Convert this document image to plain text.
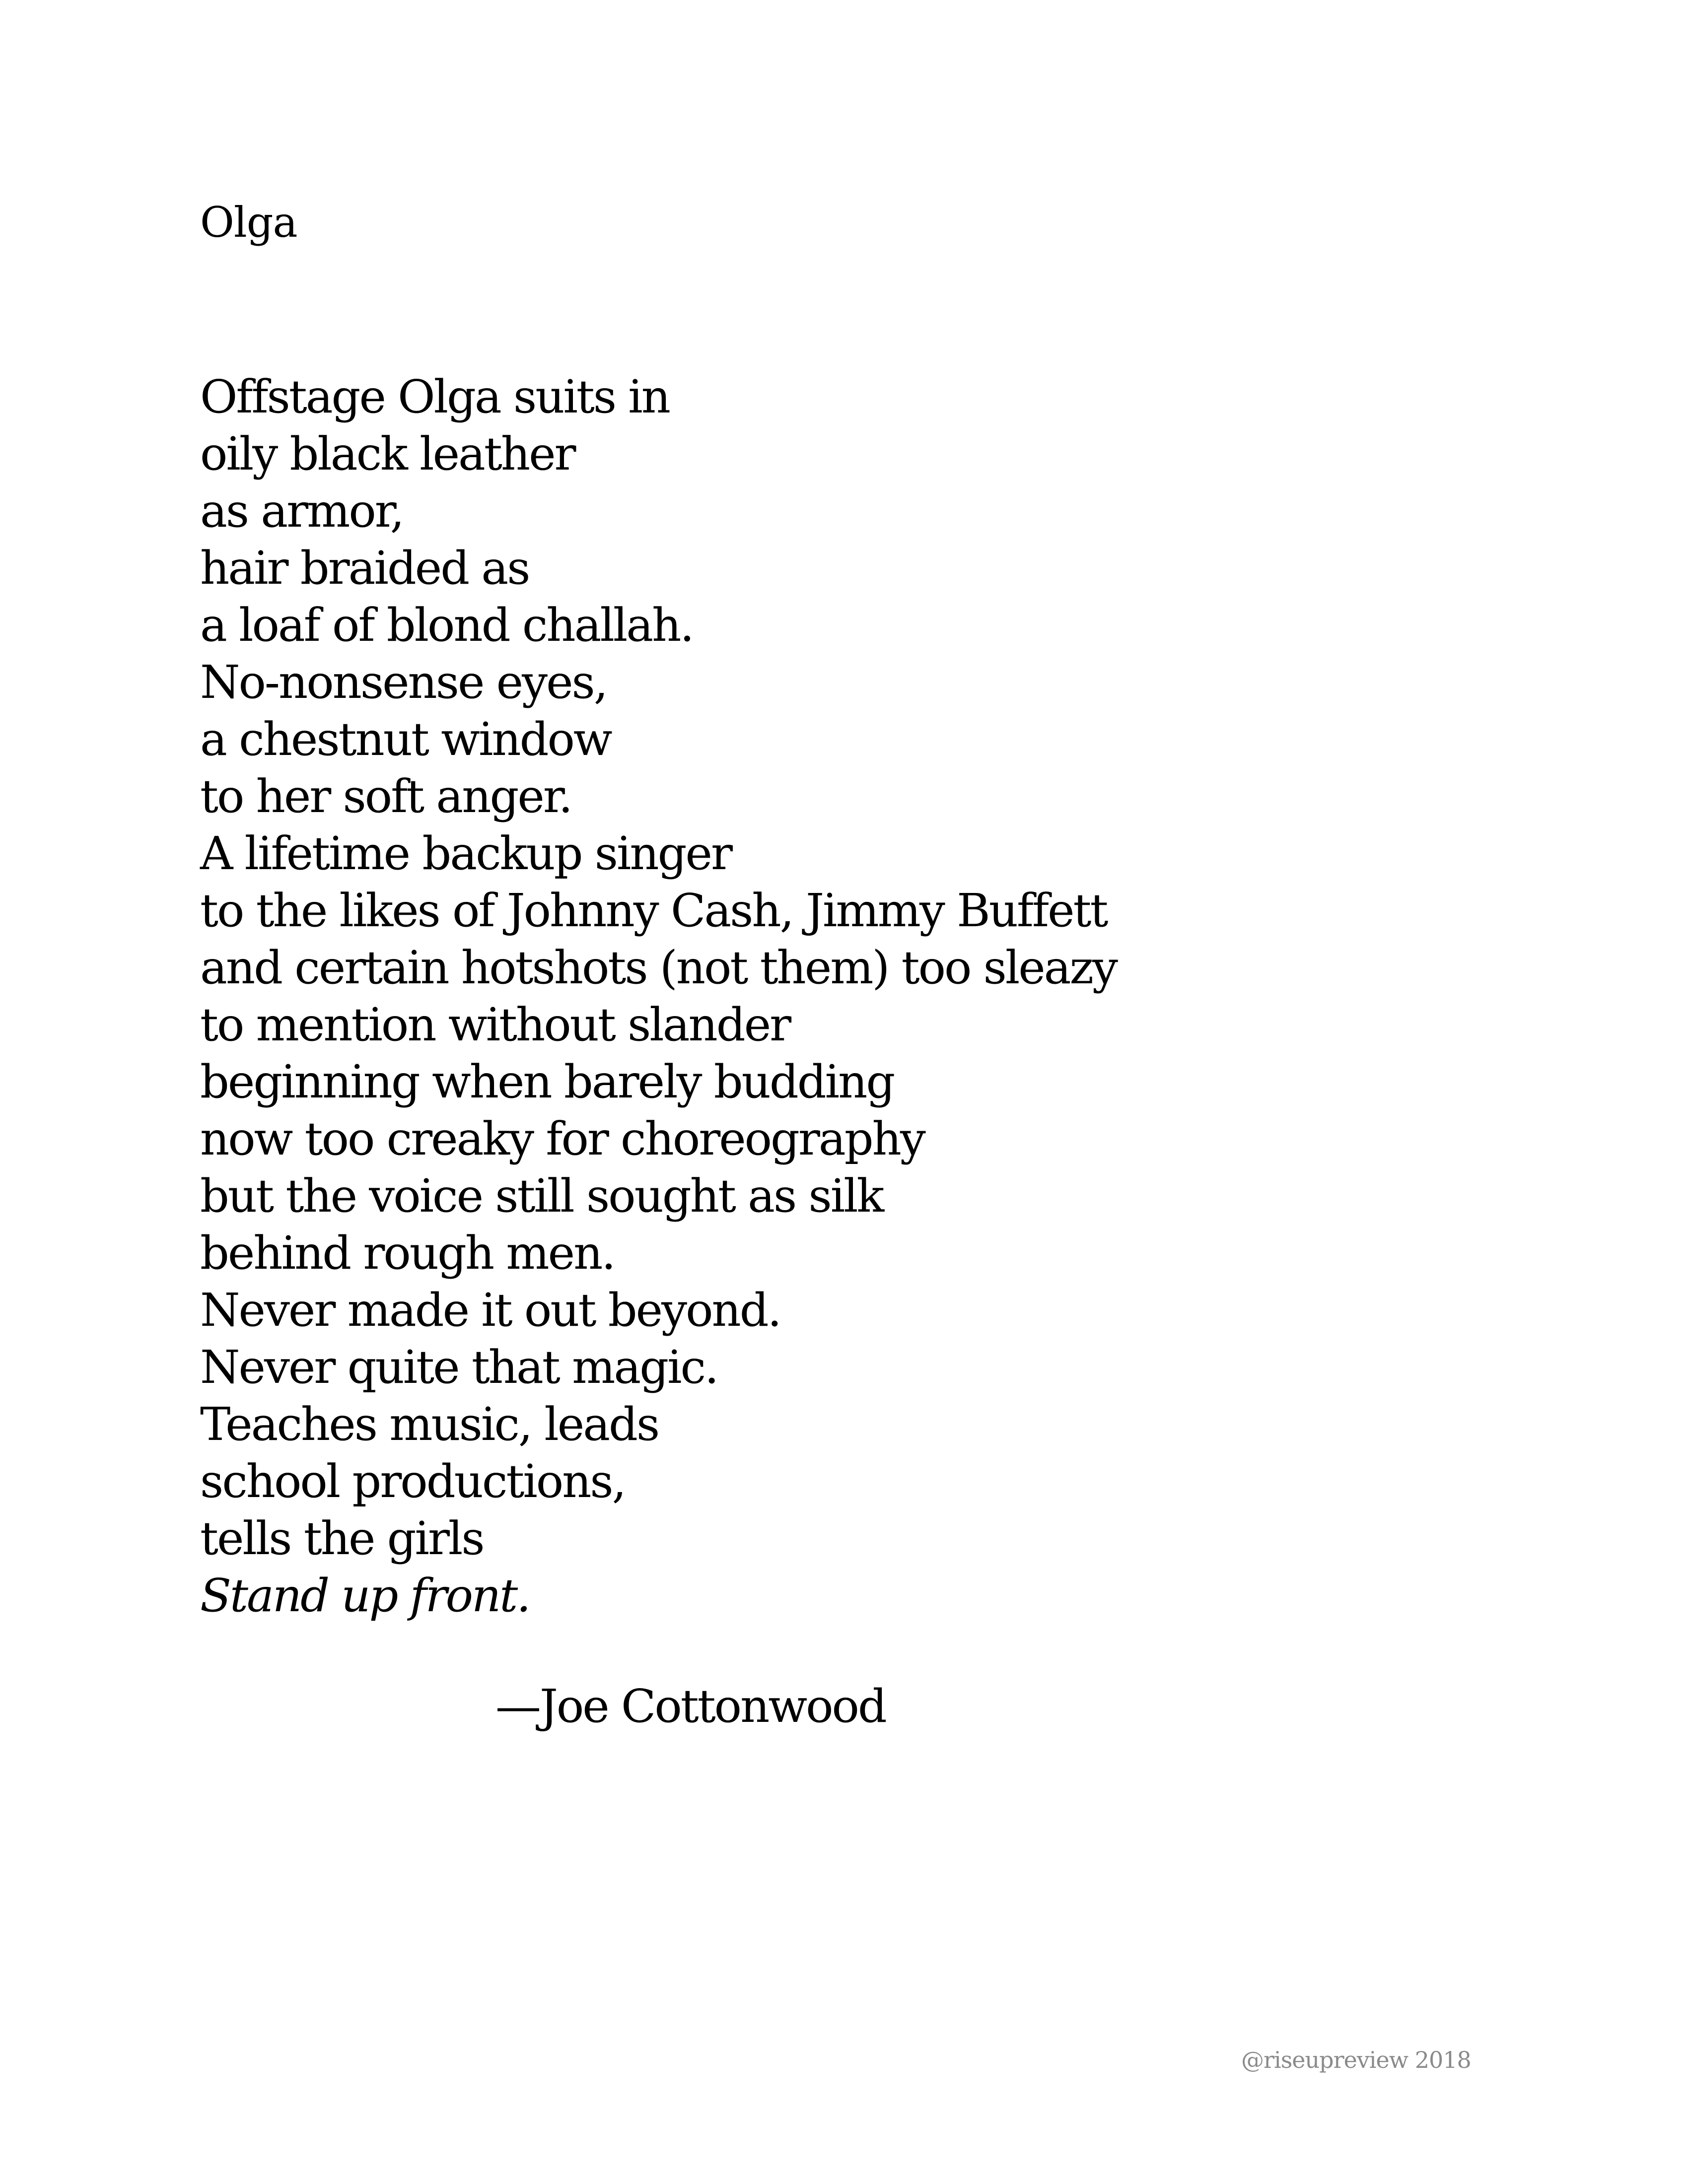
Olga
Offstage Olga suits in
oily black leather
as armor,
hair braided as
a loaf of blond challah.
No-nonsense eyes,
a chestnut window
to her soft anger.
A lifetime backup singer
to the likes of Johnny Cash, Jimmy Buffett
and certain hotshots (not them) too sleazy
to mention without slander
beginning when barely budding
now too creaky for choreography
but the voice still sought as silk
behind rough men.
Never made it out beyond.
Never quite that magic.
Teaches music, leads
school productions,
tells the girls
Stand up front.
—Joe Cottonwood
@riseupreview 2018
